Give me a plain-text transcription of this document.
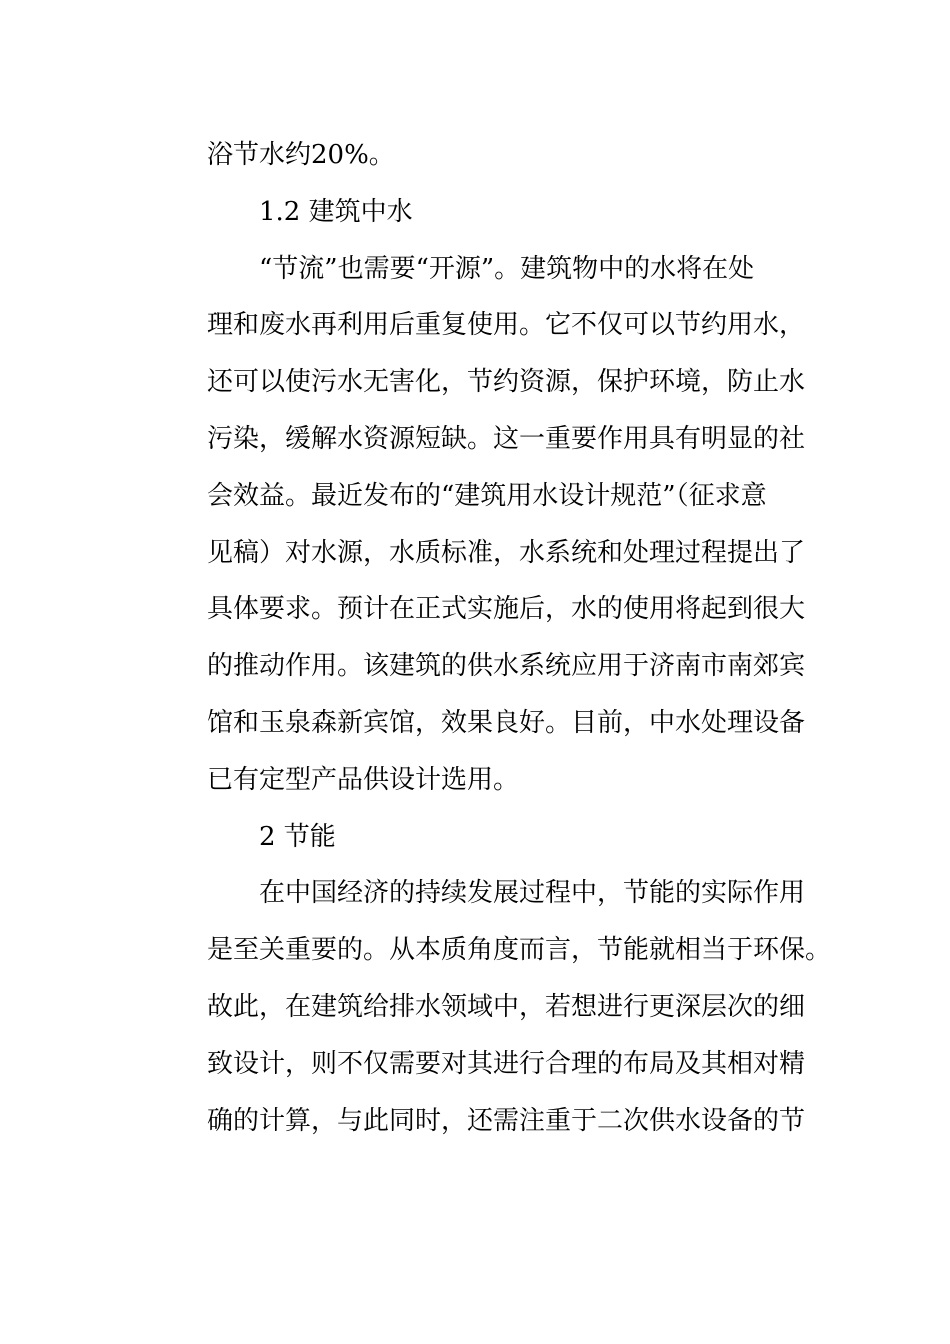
浴节水约20%。
1.2 建筑中水
“节流”也需要“开源”。建筑物中的水将在处
理和废水再利用后重复使用。它不仅可以节约用水，
还可以使污水无害化，节约资源，保护环境，防止水
污染，缓解水资源短缺。这一重要作用具有明显的社
会效益。最近发布的“建筑用水设计规范”（征求意
见稿）对水源，水质标准，水系统和处理过程提出了
具体要求。预计在正式实施后，水的使用将起到很大
的推动作用。该建筑的供水系统应用于济南市南郊宾
馆和玉泉森新宾馆，效果良好。目前，中水处理设备
已有定型产品供设计选用。
2 节能
在中国经济的持续发展过程中，节能的实际作用
是至关重要的。从本质角度而言，节能就相当于环保。
故此，在建筑给排水领域中，若想进行更深层次的细
致设计，则不仅需要对其进行合理的布局及其相对精
确的计算，与此同时，还需注重于二次供水设备的节
